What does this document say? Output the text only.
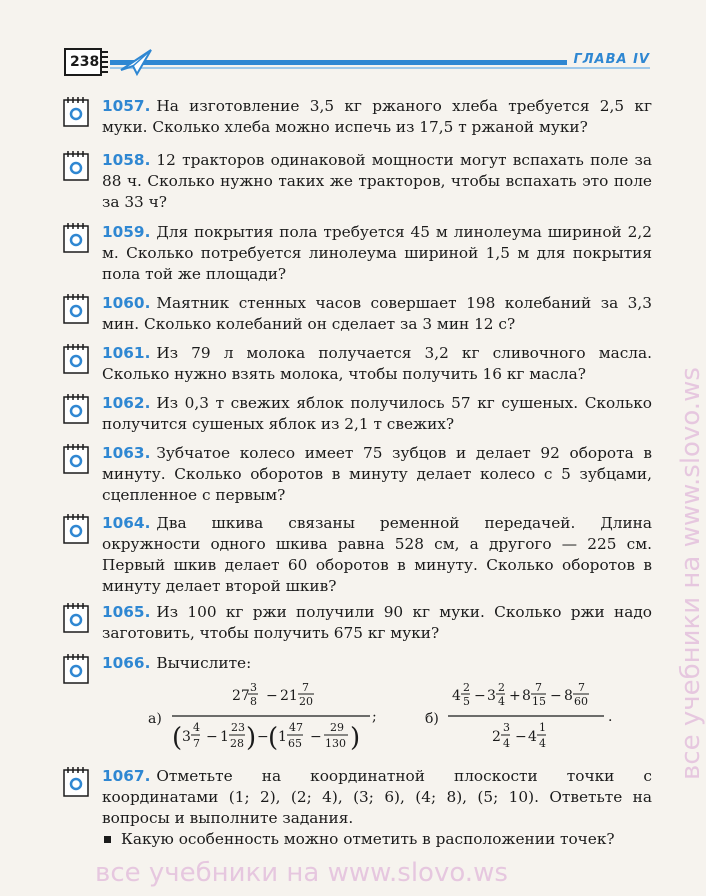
238	ГЛАВА IV
1057. На изготовление 3,5 кг ржаного хлеба требуется 2,5 кг муки. Сколько хлеба можно испечь из 17,5 т ржаной муки?
1058. 12 тракторов одинаковой мощности могут вспахать поле за 88 ч. Сколько нужно таких же тракторов, чтобы вспахать это поле за 33 ч?
1059. Для покрытия пола требуется 45 м линолеума шириной 2,2 м. Сколько потребуется линолеума шириной 1,5 м для покрытия пола той же площади?
1060. Маятник стенных часов совершает 198 колебаний за 3,3 мин. Сколько колебаний он сделает за 3 мин 12 с?
1061. Из 79 л молока получается 3,2 кг сливочного масла. Сколько нужно взять молока, чтобы получить 16 кг масла?
1062. Из 0,3 т свежих яблок получилось 57 кг сушеных. Сколько получится сушеных яблок из 2,1 т свежих?
1063. Зубчатое колесо имеет 75 зубцов и делает 92 оборота в минуту. Сколько оборотов в минуту делает колесо с 5 зубцами, сцепленное с первым?
1064. Два шкива связаны ременной передачей. Длина окружности одного шкива равна 528 см, а другого — 225 см. Первый шкив делает 60 оборотов в минуту. Сколько оборотов в минуту делает второй шкив?
1065. Из 100 кг ржи получили 90 кг муки. Сколько ржи надо заготовить, чтобы получить 675 кг муки?
1066. Вычислите:
а)
27
3
8 − 21
7
20
( 3
4
7 − 1
23
28 ) − ( 1
47
65 −
29
130 )
;	б)
4
2
5 − 3
2
4 + 8
7
15 − 8
7
60
.
2
3
4 − 4
1
4
1067. Отметьте на координатной плоскости точки с координатами (1; 2), (2; 4), (3; 6), (4; 8), (5; 10). Ответьте на вопросы и выполните задания.
Какую особенность можно отметить в расположении точек?
все учебники на www.slovo.ws
все учебники на www.slovo.ws
